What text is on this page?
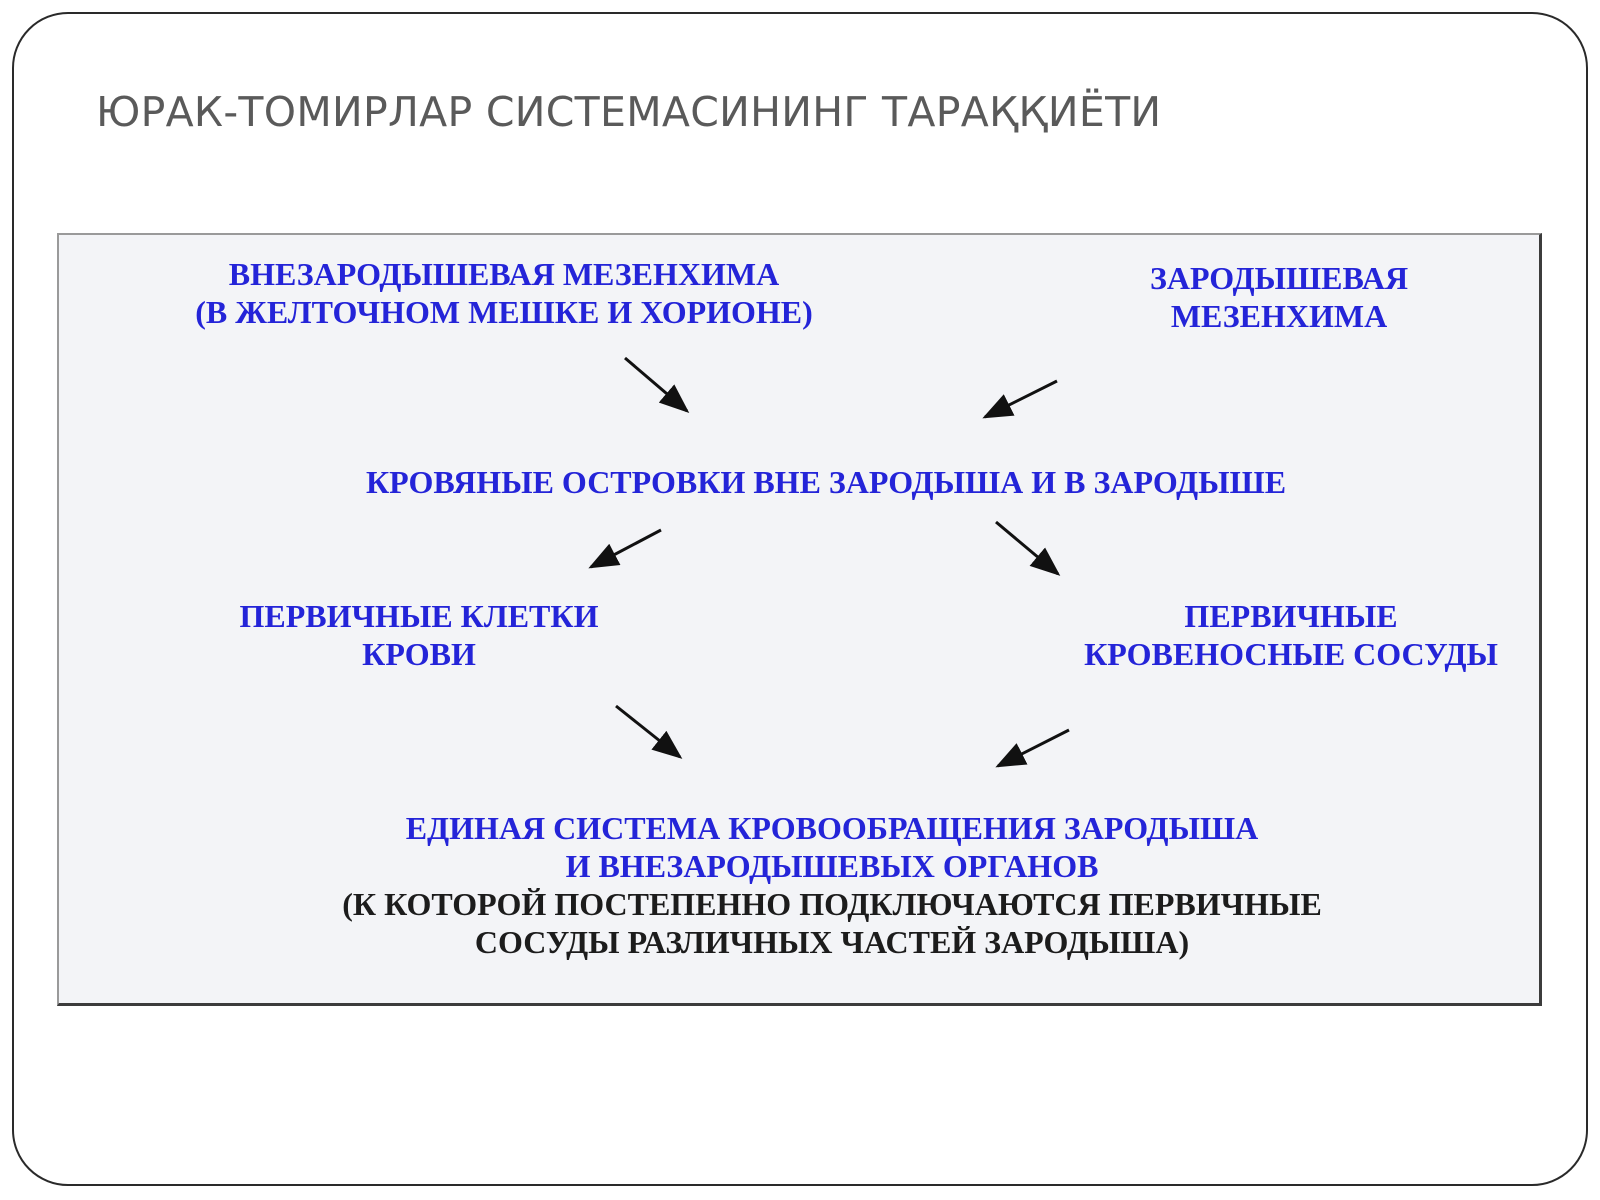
ЮРАК-ТОМИРЛАР СИСТЕМАСИНИНГ ТАРАҚҚИЁТИ
ВНЕЗАРОДЫШЕВАЯ МЕЗЕНХИМА
(В ЖЕЛТОЧНОМ МЕШКЕ И ХОРИОНЕ)
ЗАРОДЫШЕВАЯ
МЕЗЕНХИМА
КРОВЯНЫЕ ОСТРОВКИ ВНЕ ЗАРОДЫША И В ЗАРОДЫШЕ
ПЕРВИЧНЫЕ КЛЕТКИ
КРОВИ
ПЕРВИЧНЫЕ
КРОВЕНОСНЫЕ СОСУДЫ
ЕДИНАЯ СИСТЕМА КРОВООБРАЩЕНИЯ ЗАРОДЫША
И ВНЕЗАРОДЫШЕВЫХ ОРГАНОВ
(К КОТОРОЙ ПОСТЕПЕННО ПОДКЛЮЧАЮТСЯ ПЕРВИЧНЫЕ
СОСУДЫ РАЗЛИЧНЫХ ЧАСТЕЙ ЗАРОДЫША)
